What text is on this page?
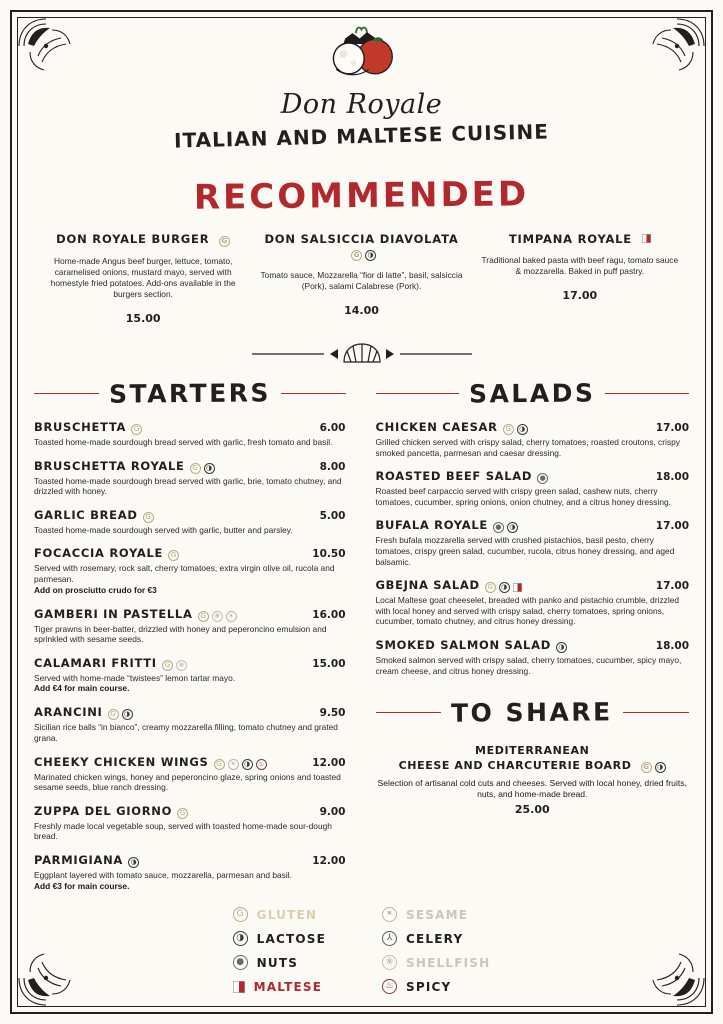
Don Royale
ITALIAN AND MALTESE CUISINE
RECOMMENDED
DON ROYALE BURGER	G
Home-made Angus beef burger, lettuce, tomato, caramelised onions, mustard mayo, served with homestyle fried potatoes. Add-ons available in the burgers section.
15.00
DON SALSICCIA DIAVOLATA
G	◑
Tomato sauce, Mozzarella “fior di latte”, basil, salsiccia (Pork), salami Calabrese (Pork).
14.00
TIMPANA ROYALE
Traditional baked pasta with beef ragu, tomato sauce & mozzarella. Baked in puff pastry.
17.00
STARTERS
BRUSCHETTA	G	6.00
Toasted home-made sourdough bread served with garlic, fresh tomato and basil.
BRUSCHETTA ROYALE	G	◑	8.00
Toasted home-made sourdough bread served with garlic, brie, tomato chutney, and drizzled with honey.
GARLIC BREAD	G	5.00
Toasted home-made sourdough served with garlic, butter and parsley.
FOCACCIA ROYALE	G	10.50
Served with rosemary, rock salt, cherry tomatoes, extra virgin olive oil, rucola and parmesan.
Add on prosciutto crudo for €3
GAMBERI IN PASTELLA	G	❀	✶	16.00
Tiger prawns in beer-batter, drizzled with honey and peperoncino emulsion and sprinkled with sesame seeds.
CALAMARI FRITTI	G	❀	15.00
Served with home-made “twistees” lemon tartar mayo.
Add €4 for main course.
ARANCINI	G	◑	9.50
Sicilian rice balls “in bianco”, creamy mozzarella filling, tomato chutney and grated grana.
CHEEKY CHICKEN WINGS	G	✶	◑	♨	12.00
Marinated chicken wings, honey and peperoncino glaze, spring onions and toasted sesame seeds, blue ranch dressing.
ZUPPA DEL GIORNO	G	9.00
Freshly made local vegetable soup, served with toasted home-made sour-dough bread.
PARMIGIANA	◑	12.00
Eggplant layered with tomato sauce, mozzarella, parmesan and basil.
Add €3 for main course.
SALADS
CHICKEN CAESAR	G	◑	17.00
Grilled chicken served with crispy salad, cherry tomatoes, roasted croutons, crispy smoked pancetta, parmesan and caesar dressing.
ROASTED BEEF SALAD	●	18.00
Roasted beef carpaccio served with crispy green salad, cashew nuts, cherry tomatoes, cucumber, spring onions, onion chutney, and a citrus honey dressing.
BUFALA ROYALE	●	◑	17.00
Fresh bufala mozzarella served with crushed pistachios, basil pesto, cherry tomatoes, crispy green salad, cucumber, rucola, citrus honey dressing, and aged balsamic.
GBEJNA SALAD	G	◑	17.00
Local Maltese goat cheeselet, breaded with panko and pistachio crumble, drizzled with local honey and served with crispy salad, cherry tomatoes, spring onions, cucumber, tomato chutney, and citrus honey dressing.
SMOKED SALMON SALAD	◑	18.00
Smoked salmon served with crispy salad, cherry tomatoes, cucumber, spicy mayo, cream cheese, and citrus honey dressing.
TO SHARE
MEDITERRANEAN
CHEESE AND CHARCUTERIE BOARD	G	◑
Selection of artisanal cold cuts and cheeses. Served with local honey, dried fruits, nuts, and home-made bread.
25.00
G	GLUTEN	✶	SESAME
◑ LACTOSE	⅄	CELERY
● NUTS	❀	SHELLFISH
MALTESE	♨ SPICY
